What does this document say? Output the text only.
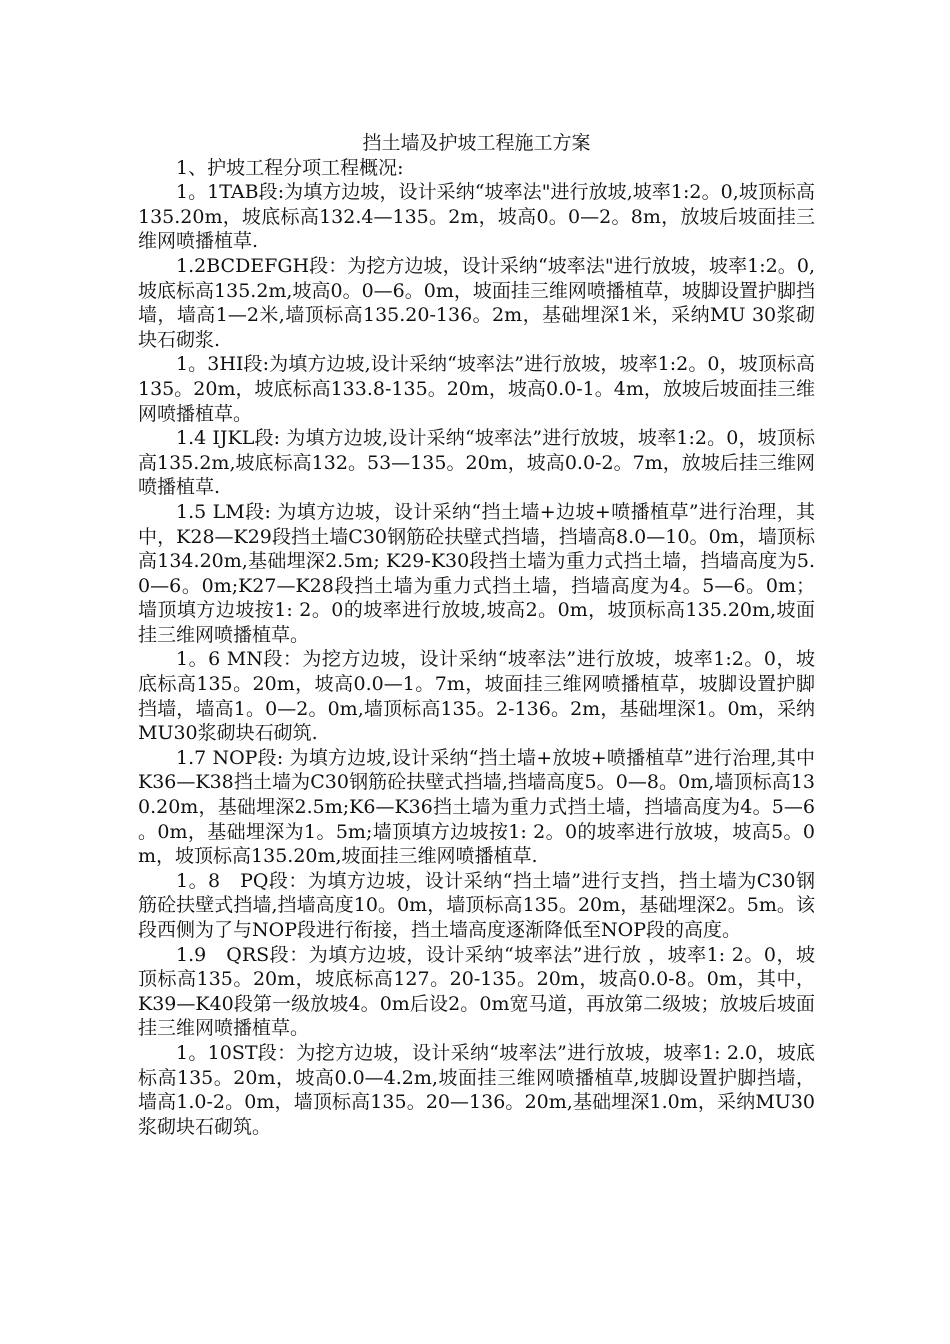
挡土墙及护坡工程施工方案

1、护坡工程分项工程概况:

1。1TAB段:为填方边坡，设计采纳“坡率法"进行放坡,坡率1:2。0,坡顶标高135.20m，坡底标高132.4—135。2m，坡高0。0—2。8m，放坡后坡面挂三维网喷播植草.

1.2BCDEFGH段：为挖方边坡，设计采纳“坡率法"进行放坡，坡率1:2。0,坡底标高135.2m,坡高0。0—6。0m，坡面挂三维网喷播植草，坡脚设置护脚挡墙，墙高1—2米,墙顶标高135.20-136。2m，基础埋深1米，采纳MU 30浆砌块石砌浆.

1。3HI段:为填方边坡,设计采纳“坡率法”进行放坡，坡率1:2。0，坡顶标高135。20m，坡底标高133.8-135。20m，坡高0.0-1。4m，放坡后坡面挂三维网喷播植草。

1.4 IJKL段: 为填方边坡,设计采纳“坡率法”进行放坡，坡率1:2。0，坡顶标高135.2m,坡底标高132。53—135。20m，坡高0.0-2。7m，放坡后挂三维网喷播植草.

1.5 LM段: 为填方边坡，设计采纳“挡土墙+边坡+喷播植草”进行治理，其中，K28—K29段挡土墙C30钢筋砼扶壁式挡墙，挡墙高8.0—10。0m，墙顶标高134.20m,基础埋深2.5m; K29-K30段挡土墙为重力式挡土墙，挡墙高度为5.0—6。0m;K27—K28段挡土墙为重力式挡土墙，挡墙高度为4。5—6。0m；墙顶填方边坡按1: 2。0的坡率进行放坡,坡高2。0m，坡顶标高135.20m,坡面挂三维网喷播植草。

1。6 MN段：为挖方边坡，设计采纳“坡率法”进行放坡，坡率1:2。0，坡底标高135。20m，坡高0.0—1。7m，坡面挂三维网喷播植草，坡脚设置护脚挡墙，墙高1。0—2。0m,墙顶标高135。2-136。2m，基础埋深1。0m，采纳MU30浆砌块石砌筑.

1.7 NOP段: 为填方边坡,设计采纳“挡土墙+放坡+喷播植草”进行治理,其中K36—K38挡土墙为C30钢筋砼扶壁式挡墙,挡墙高度5。0—8。0m,墙顶标高130.20m，基础埋深2.5m;K6—K36挡土墙为重力式挡土墙，挡墙高度为4。5—6。0m，基础埋深为1。5m;墙顶填方边坡按1: 2。0的坡率进行放坡，坡高5。0m，坡顶标高135.20m,坡面挂三维网喷播植草.

1。8　PQ段：为填方边坡，设计采纳“挡土墙”进行支挡，挡土墙为C30钢筋砼扶壁式挡墙,挡墙高度10。0m，墙顶标高135。20m，基础埋深2。5m。该段西侧为了与NOP段进行衔接，挡土墙高度逐渐降低至NOP段的高度。

1.9　QRS段：为填方边坡，设计采纳“坡率法”进行放 ，坡率1: 2。0，坡顶标高135。20m，坡底标高127。20-135。20m，坡高0.0-8。0m，其中，K39—K40段第一级放坡4。0m后设2。0m宽马道，再放第二级坡；放坡后坡面挂三维网喷播植草。

1。10ST段：为挖方边坡，设计采纳“坡率法”进行放坡，坡率1: 2.0，坡底标高135。20m，坡高0.0—4.2m,坡面挂三维网喷播植草,坡脚设置护脚挡墙，墙高1.0-2。0m，墙顶标高135。20—136。20m,基础埋深1.0m，采纳MU30浆砌块石砌筑。
